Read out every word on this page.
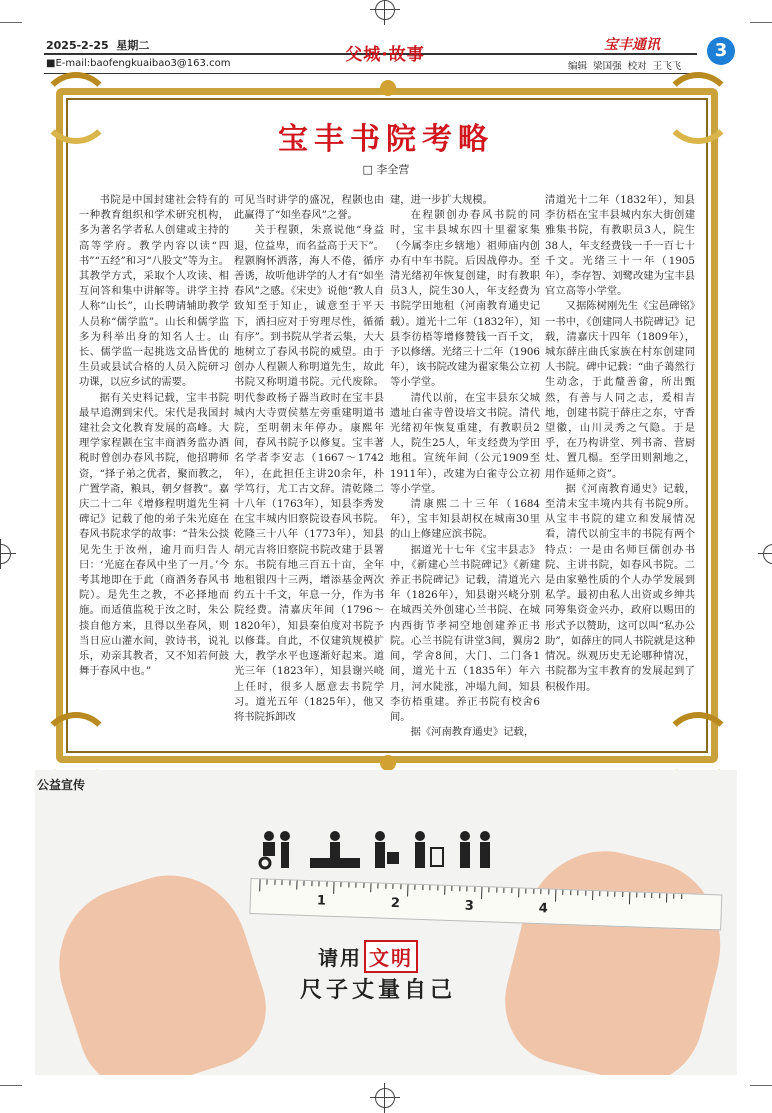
2025-2-25 星期二
■E-mail:baofengkuaibao3@163.com	父城·故事	宝丰通讯	3
编辑 梁国强 校对 王飞飞
宝丰书院考略
□ 李全营

书院是中国封建社会特有的一种教育组织和学术研究机构，多为著名学者私人创建或主持的高等学府。教学内容以读“四书”“五经”和习“八股文”等为主。其教学方式，采取个人攻读、相互问答和集中讲解等。讲学主持人称“山长”，山长聘请辅助教学人员称“儒学监”。山长和儒学监多为科举出身的知名人士。山长、儒学监一起挑选文品皆优的生员或县试合格的人员入院研习功课，以应乡试的需要。

据有关史料记载，宝丰书院最早追溯到宋代。宋代是我国封建社会文化教育发展的高峰。大理学家程颢在宝丰商酒务监办酒税时曾创办春风书院，他招聘师资，“择子弟之优者，聚而教之，广置学斋，粮具，朝夕督教”。嘉庆二十二年《增修程明道先生祠碑记》记载了他的弟子朱光庭在春风书院求学的故事：“昔朱公掞见先生于汝州，逾月而归告人曰：‘光庭在春风中坐了一月。’今考其地即在于此（商酒务春风书院）。是先生之教，不必择地而施。而适值监税于汝之时，朱公掞自他方来，且得以坐春风，则当日应山灌水间，敦诗书，说礼乐，劝亲其教者，又不知若何鼓舞于春风中也。”

可见当时讲学的盛况，程颢也由此赢得了“如坐春风”之誉。

关于程颢，朱熹说他“身益退，位益卑，而名益高于天下”。程颢胸怀洒落，海人不倦，循序善诱，故听他讲学的人才有“如坐春风”之感。《宋史》说他“教人自致知至于知止，诚意至于平天下，洒扫应对于穷理尽性，循循有序”。到书院从学者云集，大大地树立了春风书院的威望。由于创办人程颢人称明道先生，故此书院又称明道书院。元代废除。明代参政杨子器当政时在宝丰县城内大寺贾侯墓左旁重建明道书院，至明朝末年停办。康熙年间，春风书院予以修复。宝丰著名学者李安志（1667～1742年），在此担任主讲20余年，朴学笃行，尤工古文辞。清乾隆二十八年（1763年），知县李秀发在宝丰城内旧察院设春风书院。乾隆三十八年（1773年），知县胡元吉将旧察院书院改建于县署东。书院有地三百五十亩，全年地租银四十三两，增添基金两次约五十千文，年息一分，作为书院经费。清嘉庆年间（1796～1820年），知县秦伯度对书院予以修葺。自此，不仅建筑规模扩大，教学水平也逐渐好起来。道光三年（1823年），知县谢兴峣上任时，很多人愿意去书院学习。道光五年（1825年），他又将书院拆卸改

建，进一步扩大规模。

在程颢创办春风书院的同时，宝丰县城东四十里翟家集（今属李庄乡辖地）祖师庙内创办有中车书院。后因战停办。至清光绪初年恢复创建，时有教职员3人，院生30人，年支经费为书院学田地租（河南教育通史记载）。道光十二年（1832年），知县李彷梧等增修赞钱一百千文，予以修缮。光绪三十二年（1906年），该书院改建为翟家集公立初等小学堂。

清代以前，在宝丰县东父城遗址白雀寺曾设培文书院。清代光绪初年恢复重建，有教职员2人，院生25人，年支经费为学田地租。宣统年间（公元1909至1911年），改建为白雀寺公立初等小学堂。

清康熙二十三年（1684年），宝丰知县胡权在城南30里的山上修建应滨书院。

据道光十七年《宝丰县志》中，《新建心兰书院碑记》《新建养正书院碑记》记载，清道光六年（1826年），知县谢兴峣分别在城西关外创建心兰书院、在城内西街节孝祠空地创建养正书院。心兰书院有讲堂3间，翼房2间，学舍8间，大门、二门各1间，道光十五（1835年）年六月，河水陡涨，冲塌九间，知县李彷梧重建。养正书院有校舍6间。

据《河南教育通史》记载，

清道光十二年（1832年），知县李彷梧在宝丰县城内东大街创建雅集书院，有教职员3人，院生38人，年支经费钱一千一百七十千文。光绪三十一年（1905年），李存智、刘鹭改建为宝丰县官立高等小学堂。

又据陈树刚先生《宝邑碑铭》一书中，《创建同人书院碑记》记载，清嘉庆十四年（1809年），城东薛庄曲氏家族在村东创建同人书院。碑中记载：“曲子蔼然行生动念，于此釐善畲，所出甄然，有善与人同之志，爰相吉地，创建书院于薛庄之东，守香望徽，山川灵秀之气隐。于是乎，在乃构讲堂、列书斋、营厨灶、置几榻。至学田则割地之，用作延师之资”。

据《河南教育通史》记载，至清末宝丰境内共有书院9所。从宝丰书院的建立和发展情况看，清代以前宝丰的书院有两个特点：一是由名师巨儒创办书院、主讲书院，如春风书院。二是由家塾性质的个人办学发展到私学。最初由私人出资或乡绅共同筹集资金兴办，政府以赐田的形式予以赞助，这可以叫“私办公助”，如薛庄的同人书院就是这种情况。纵观历史无论哪种情况，书院都为宝丰教育的发展起到了积极作用。

公益宣传
1	2	3	4
请用 文明
尺子丈量自己
